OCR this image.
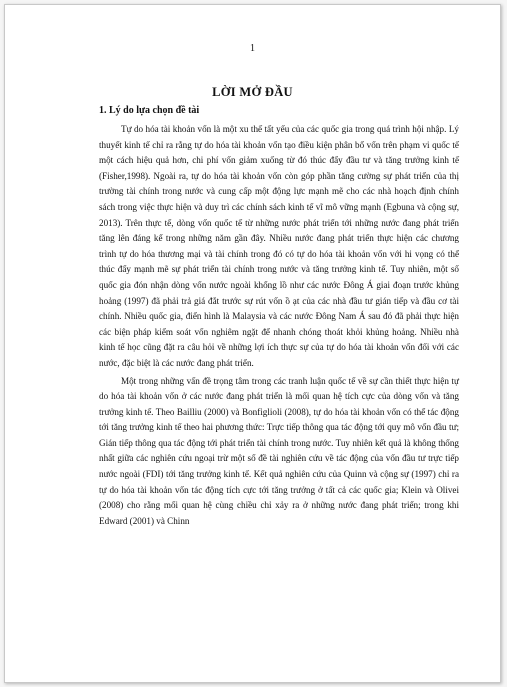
1
LỜI MỞ ĐẦU
1. Lý do lựa chọn đề tài

Tự do hóa tài khoản vốn là một xu thế tất yếu của các quốc gia trong quá trình hội nhập. Lý thuyết kinh tế chỉ ra rằng tự do hóa tài khoản vốn tạo điều kiện phân bổ vốn trên phạm vi quốc tế một cách hiệu quả hơn, chi phí vốn giảm xuống từ đó thúc đẩy đầu tư và tăng trưởng kinh tế (Fisher,1998). Ngoài ra, tự do hóa tài khoản vốn còn góp phần tăng cường sự phát triển của thị trường tài chính trong nước và cung cấp một động lực mạnh mẽ cho các nhà hoạch định chính sách trong việc thực hiện và duy trì các chính sách kinh tế vĩ mô vững mạnh (Egbuna và cộng sự, 2013). Trên thực tế, dòng vốn quốc tế từ những nước phát triển tới những nước đang phát triển tăng lên đáng kể trong những năm gần đây. Nhiều nước đang phát triển thực hiện các chương trình tự do hóa thương mại và tài chính trong đó có tự do hóa tài khoản vốn với hi vọng có thể thúc đẩy mạnh mẽ sự phát triển tài chính trong nước và tăng trưởng kinh tế. Tuy nhiên, một số quốc gia đón nhận dòng vốn nước ngoài khổng lồ như các nước Đông Á giai đoạn trước khủng hoảng (1997) đã phải trả giá đắt trước sự rút vốn ồ ạt của các nhà đầu tư gián tiếp và đầu cơ tài chính. Nhiều quốc gia, điển hình là Malaysia và các nước Đông Nam Á sau đó đã phải thực hiện các biện pháp kiểm soát vốn nghiêm ngặt để nhanh chóng thoát khỏi khủng hoảng. Nhiều nhà kinh tế học cũng đặt ra câu hỏi về những lợi ích thực sự của tự do hóa tài khoản vốn đối với các nước, đặc biệt là các nước đang phát triển.

Một trong những vấn đề trọng tâm trong các tranh luận quốc tế về sự cần thiết thực hiện tự do hóa tài khoản vốn ở các nước đang phát triển là mối quan hệ tích cực của dòng vốn và tăng trưởng kinh tế. Theo Bailliu (2000) và Bonfiglioli (2008), tự do hóa tài khoản vốn có thể tác động tới tăng trưởng kinh tế theo hai phương thức: Trực tiếp thông qua tác động tới quy mô vốn đầu tư; Gián tiếp thông qua tác động tới phát triển tài chính trong nước. Tuy nhiên kết quả là không thống nhất giữa các nghiên cứu ngoại trừ một số đề tài nghiên cứu về tác động của vốn đầu tư trực tiếp nước ngoài (FDI) tới tăng trưởng kinh tế. Kết quả nghiên cứu của Quinn và cộng sự (1997) chỉ ra tự do hóa tài khoản vốn tác động tích cực tới tăng trưởng ở tất cả các quốc gia; Klein và Olivei (2008) cho rằng mối quan hệ cùng chiều chỉ xảy ra ở những nước đang phát triển; trong khi Edward (2001) và Chinn
